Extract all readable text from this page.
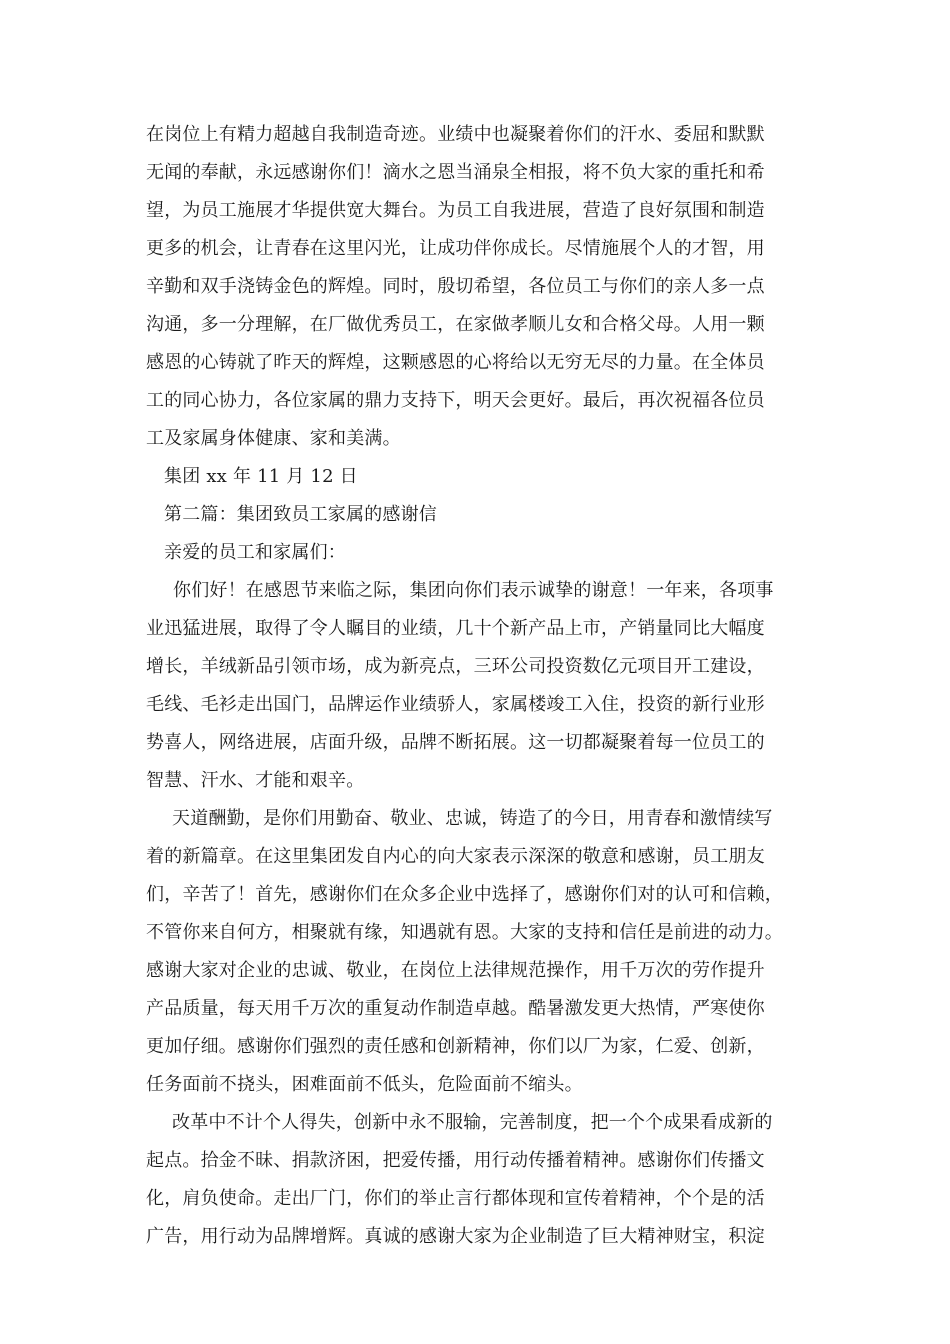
在岗位上有精力超越自我制造奇迹。业绩中也凝聚着你们的汗水、委屈和默默
无闻的奉献，永远感谢你们！滴水之恩当涌泉全相报，将不负大家的重托和希
望，为员工施展才华提供宽大舞台。为员工自我进展，营造了良好氛围和制造
更多的机会，让青春在这里闪光，让成功伴你成长。尽情施展个人的才智，用
辛勤和双手浇铸金色的辉煌。同时，殷切希望，各位员工与你们的亲人多一点
沟通，多一分理解，在厂做优秀员工，在家做孝顺儿女和合格父母。人用一颗
感恩的心铸就了昨天的辉煌，这颗感恩的心将给以无穷无尽的力量。在全体员
工的同心协力，各位家属的鼎力支持下，明天会更好。最后，再次祝福各位员
工及家属身体健康、家和美满。
集团 xx 年 11 月 12 日
第二篇：集团致员工家属的感谢信
亲爱的员工和家属们：
你们好！在感恩节来临之际，集团向你们表示诚挚的谢意！一年来，各项事
业迅猛进展，取得了令人瞩目的业绩，几十个新产品上市，产销量同比大幅度
增长，羊绒新品引领市场，成为新亮点，三环公司投资数亿元项目开工建设，
毛线、毛衫走出国门，品牌运作业绩骄人，家属楼竣工入住，投资的新行业形
势喜人，网络进展，店面升级，品牌不断拓展。这一切都凝聚着每一位员工的
智慧、汗水、才能和艰辛。
天道酬勤，是你们用勤奋、敬业、忠诚，铸造了的今日，用青春和激情续写
着的新篇章。在这里集团发自内心的向大家表示深深的敬意和感谢，员工朋友
们，辛苦了！首先，感谢你们在众多企业中选择了，感谢你们对的认可和信赖，
不管你来自何方，相聚就有缘，知遇就有恩。大家的支持和信任是前进的动力。
感谢大家对企业的忠诚、敬业，在岗位上法律规范操作，用千万次的劳作提升
产品质量，每天用千万次的重复动作制造卓越。酷暑激发更大热情，严寒使你
更加仔细。感谢你们强烈的责任感和创新精神，你们以厂为家，仁爱、创新，
任务面前不挠头，困难面前不低头，危险面前不缩头。
改革中不计个人得失，创新中永不服输，完善制度，把一个个成果看成新的
起点。拾金不昧、捐款济困，把爱传播，用行动传播着精神。感谢你们传播文
化，肩负使命。走出厂门，你们的举止言行都体现和宣传着精神，个个是的活
广告，用行动为品牌增辉。真诚的感谢大家为企业制造了巨大精神财宝，积淀
